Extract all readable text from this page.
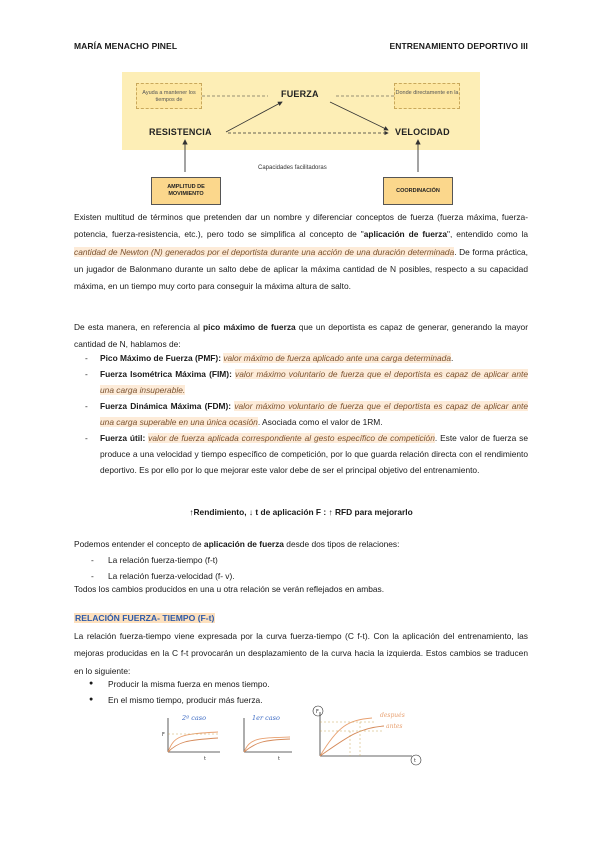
MARÍA MENACHO PINEL	ENTRENAMIENTO DEPORTIVO III
Ayuda a mantener los tiempos de
Donde directamente en la
FUERZA
RESISTENCIA	VELOCIDAD
Capacidades facilitadoras
AMPLITUD DE MOVIMIENTO	COORDINACIÓN
Existen multitud de términos que pretenden dar un nombre y diferenciar conceptos de fuerza (fuerza máxima, fuerza-potencia, fuerza-resistencia, etc.), pero todo se simplifica al concepto de "aplicación de fuerza", entendido como la cantidad de Newton (N) generados por el deportista durante una acción de una duración determinada. De forma práctica, un jugador de Balonmano durante un salto debe de aplicar la máxima cantidad de N posibles, respecto a su capacidad máxima, en un tiempo muy corto para conseguir la máxima altura de salto.
De esta manera, en referencia al pico máximo de fuerza que un deportista es capaz de generar, generando la mayor cantidad de N, hablamos de:
- Pico Máximo de Fuerza (PMF): valor máximo de fuerza aplicado ante una carga determinada.
- Fuerza Isométrica Máxima (FIM): valor máximo voluntario de fuerza que el deportista es capaz de aplicar ante una carga insuperable.
- Fuerza Dinámica Máxima (FDM): valor máximo voluntario de fuerza que el deportista es capaz de aplicar ante una carga superable en una única ocasión. Asociada como el valor de 1RM.
- Fuerza útil: valor de fuerza aplicada correspondiente al gesto específico de competición. Este valor de fuerza se produce a una velocidad y tiempo específico de competición, por lo que guarda relación directa con el rendimiento deportivo. Es por ello por lo que mejorar este valor debe de ser el principal objetivo del entrenamiento.
↑Rendimiento, ↓ t de aplicación F : ↑ RFD para mejorarlo
Podemos entender el concepto de aplicación de fuerza desde dos tipos de relaciones:
- La relación fuerza-tiempo (f-t)
- La relación fuerza-velocidad (f- v).
Todos los cambios producidos en una u otra relación se verán reflejados en ambas.
RELACIÓN FUERZA- TIEMPO (F-t)
La relación fuerza-tiempo viene expresada por la curva fuerza-tiempo (C f-t). Con la aplicación del entrenamiento, las mejoras producidas en la C f-t provocarán un desplazamiento de la curva hacia la izquierda. Estos cambios se traducen en lo siguiente:
● Producir la misma fuerza en menos tiempo.
● En el mismo tiempo, producir más fuerza.
2º caso
F
t
1er caso
t
F
t
después
antes
